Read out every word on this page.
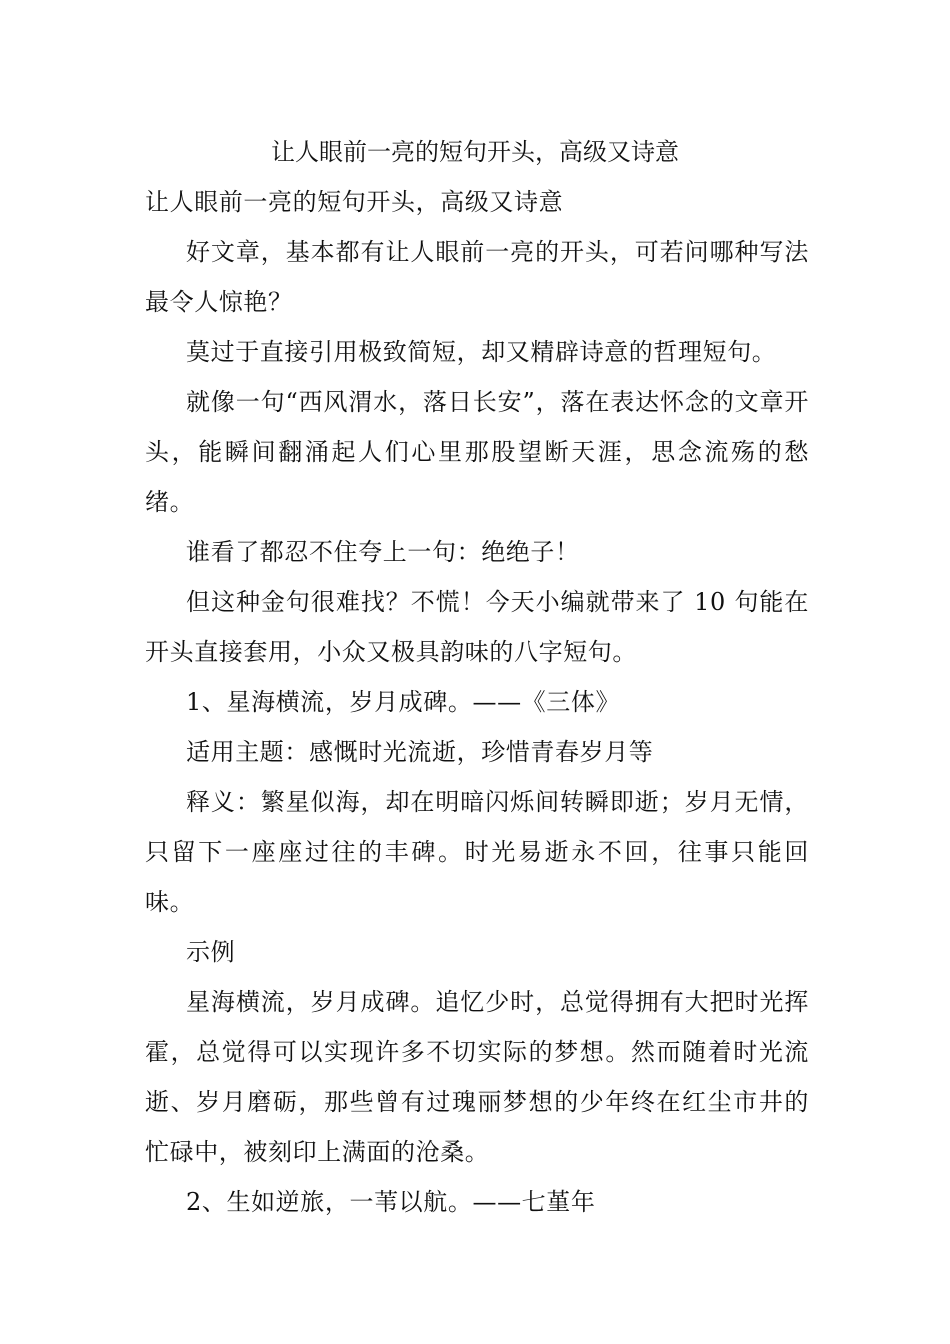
让人眼前一亮的短句开头，高级又诗意

让人眼前一亮的短句开头，高级又诗意

好文章，基本都有让人眼前一亮的开头，可若问哪种写法最令人惊艳？

莫过于直接引用极致简短，却又精辟诗意的哲理短句。

就像一句“西风渭水，落日长安”，落在表达怀念的文章开头，能瞬间翻涌起人们心里那股望断天涯，思念流殇的愁绪。

谁看了都忍不住夸上一句：绝绝子！

但这种金句很难找？不慌！今天小编就带来了 10 句能在开头直接套用，小众又极具韵味的八字短句。

1、星海横流，岁月成碑。——《三体》

适用主题：感慨时光流逝，珍惜青春岁月等

释义：繁星似海，却在明暗闪烁间转瞬即逝；岁月无情，只留下一座座过往的丰碑。时光易逝永不回，往事只能回味。

示例

星海横流，岁月成碑。追忆少时，总觉得拥有大把时光挥霍，总觉得可以实现许多不切实际的梦想。然而随着时光流逝、岁月磨砺，那些曾有过瑰丽梦想的少年终在红尘市井的忙碌中，被刻印上满面的沧桑。

2、生如逆旅，一苇以航。——七堇年
